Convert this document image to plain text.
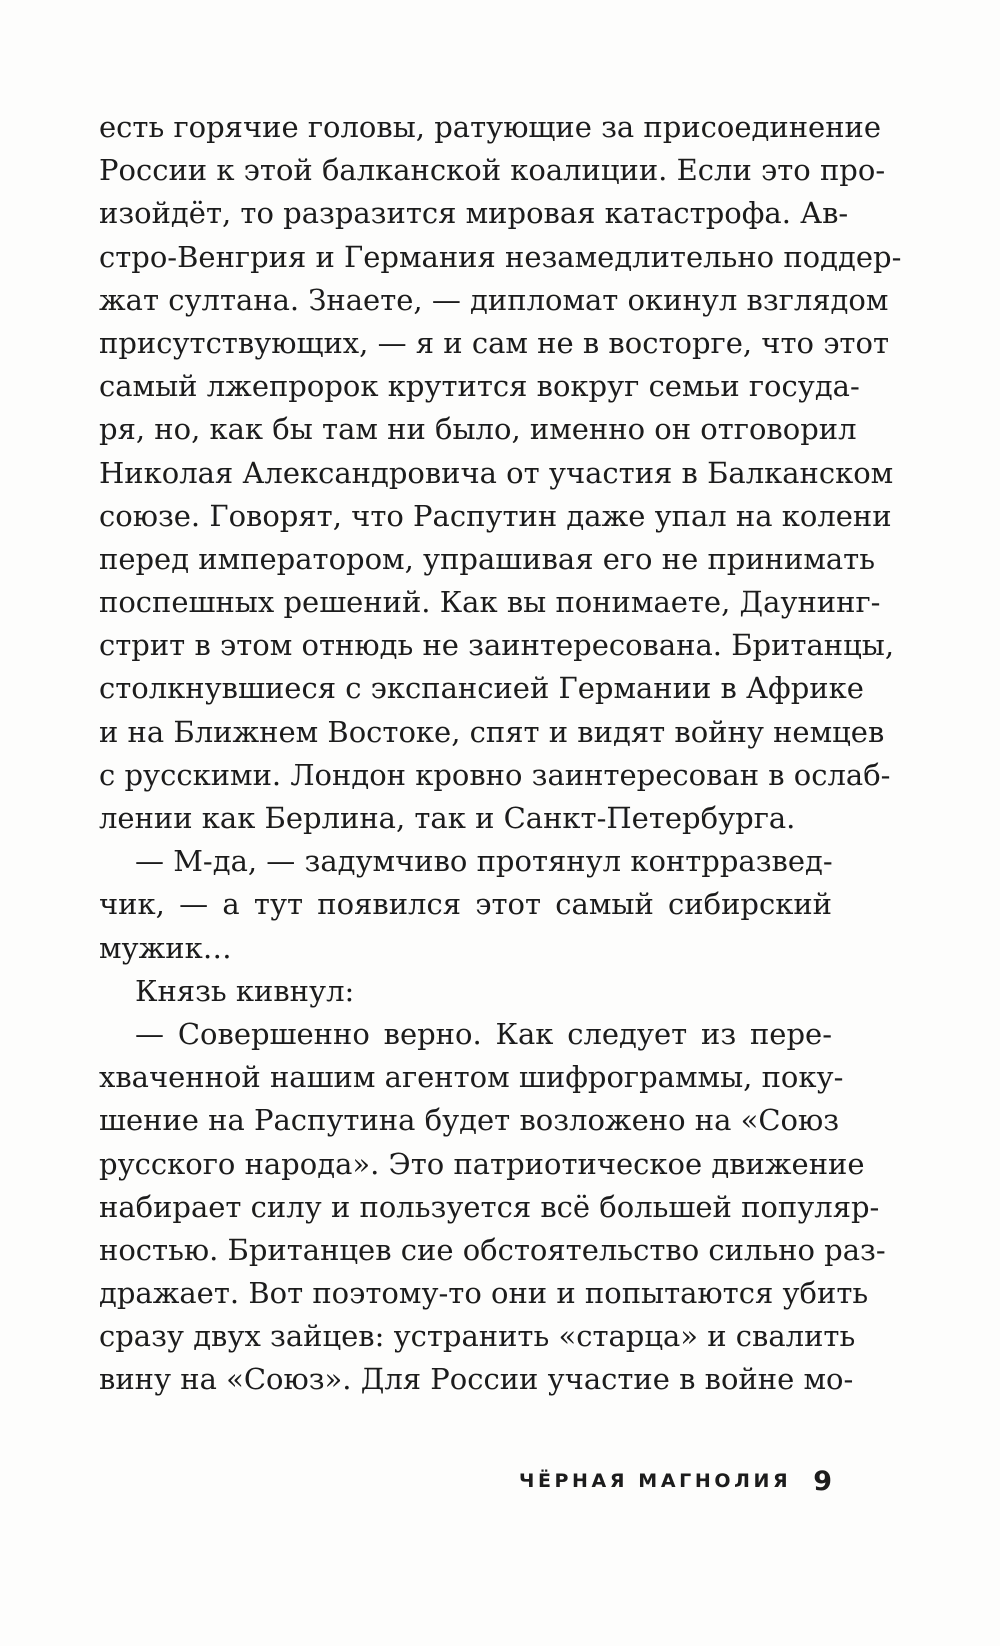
есть горячие головы, ратующие за присоединение
России к этой балканской коалиции. Если это про-
изойдёт, то разразится мировая катастрофа. Ав-
стро-Венгрия и Германия незамедлительно поддер-
жат султана. Знаете, — дипломат окинул взглядом
присутствующих, — я и сам не в восторге, что этот
самый лжепророк крутится вокруг семьи госуда-
ря, но, как бы там ни было, именно он отговорил
Николая Александровича от участия в Балканском
союзе. Говорят, что Распутин даже упал на колени
перед императором, упрашивая его не принимать
поспешных решений. Как вы понимаете, Даунинг-
стрит в этом отнюдь не заинтересована. Британцы,
столкнувшиеся с экспансией Германии в Африке
и на Ближнем Востоке, спят и видят войну немцев
с русскими. Лондон кровно заинтересован в ослаб-
лении как Берлина, так и Санкт-Петербурга.
— М-да, — задумчиво протянул контрразвед-
чик, — а тут появился этот самый сибирский
мужик…
Князь кивнул:
— Совершенно верно. Как следует из пере-
хваченной нашим агентом шифрограммы, поку-
шение на Распутина будет возложено на «Союз
русского народа». Это патриотическое движение
набирает силу и пользуется всё большей популяр-
ностью. Британцев сие обстоятельство сильно раз-
дражает. Вот поэтому-то они и попытаются убить
сразу двух зайцев: устранить «старца» и свалить
вину на «Союз». Для России участие в войне мо-
ЧЁРНАЯ МАГНОЛИЯ 9
